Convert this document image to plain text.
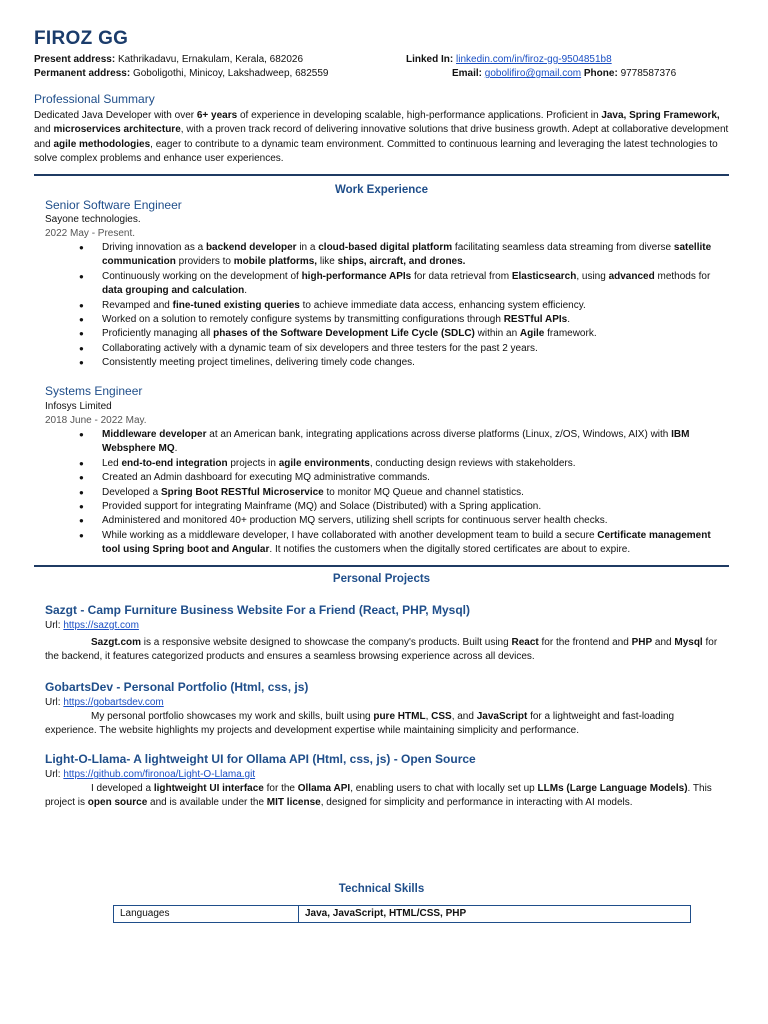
FIROZ GG
Present address: Kathrikadavu, Ernakulam, Kerala, 682026
Permanent address: Goboligothi, Minicoy, Lakshadweep, 682559
Linked In: linkedin.com/in/firoz-gg-9504851b8
Email: gobolifiro@gmail.com Phone: 9778587376
Professional Summary
Dedicated Java Developer with over 6+ years of experience in developing scalable, high-performance applications. Proficient in Java, Spring Framework, and microservices architecture, with a proven track record of delivering innovative solutions that drive business growth. Adept at collaborative development and agile methodologies, eager to contribute to a dynamic team environment. Committed to continuous learning and leveraging the latest technologies to solve complex problems and enhance user experiences.
Work Experience
Senior Software Engineer
Sayone technologies.
2022 May - Present.
● Driving innovation as a backend developer in a cloud-based digital platform facilitating seamless data streaming from diverse satellite communication providers to mobile platforms, like ships, aircraft, and drones.
● Continuously working on the development of high-performance APIs for data retrieval from Elasticsearch, using advanced methods for data grouping and calculation.
● Revamped and fine-tuned existing queries to achieve immediate data access, enhancing system efficiency.
● Worked on a solution to remotely configure systems by transmitting configurations through RESTful APIs.
● Proficiently managing all phases of the Software Development Life Cycle (SDLC) within an Agile framework.
● Collaborating actively with a dynamic team of six developers and three testers for the past 2 years.
● Consistently meeting project timelines, delivering timely code changes.
Systems Engineer
Infosys Limited
2018 June - 2022 May.
● Middleware developer at an American bank, integrating applications across diverse platforms (Linux, z/OS, Windows, AIX) with IBM Websphere MQ.
● Led end-to-end integration projects in agile environments, conducting design reviews with stakeholders.
● Created an Admin dashboard for executing MQ administrative commands.
● Developed a Spring Boot RESTful Microservice to monitor MQ Queue and channel statistics.
● Provided support for integrating Mainframe (MQ) and Solace (Distributed) with a Spring application.
● Administered and monitored 40+ production MQ servers, utilizing shell scripts for continuous server health checks.
● While working as a middleware developer, I have collaborated with another development team to build a secure Certificate management tool using Spring boot and Angular. It notifies the customers when the digitally stored certificates are about to expire.
Personal Projects
Sazgt - Camp Furniture Business Website For a Friend (React, PHP, Mysql)
Url: https://sazgt.com
Sazgt.com is a responsive website designed to showcase the company's products. Built using React for the frontend and PHP and Mysql for the backend, it features categorized products and ensures a seamless browsing experience across all devices.
GobartsDev - Personal Portfolio (Html, css, js)
Url: https://gobartsdev.com
My personal portfolio showcases my work and skills, built using pure HTML, CSS, and JavaScript for a lightweight and fast-loading experience. The website highlights my projects and development expertise while maintaining simplicity and performance.
Light-O-Llama- A lightweight UI for Ollama API (Html, css, js) - Open Source
Url: https://github.com/fironoa/Light-O-Llama.git
I developed a lightweight UI interface for the Ollama API, enabling users to chat with locally set up LLMs (Large Language Models). This project is open source and is available under the MIT license, designed for simplicity and performance in interacting with AI models.
Technical Skills
Languages	Java, JavaScript, HTML/CSS, PHP
